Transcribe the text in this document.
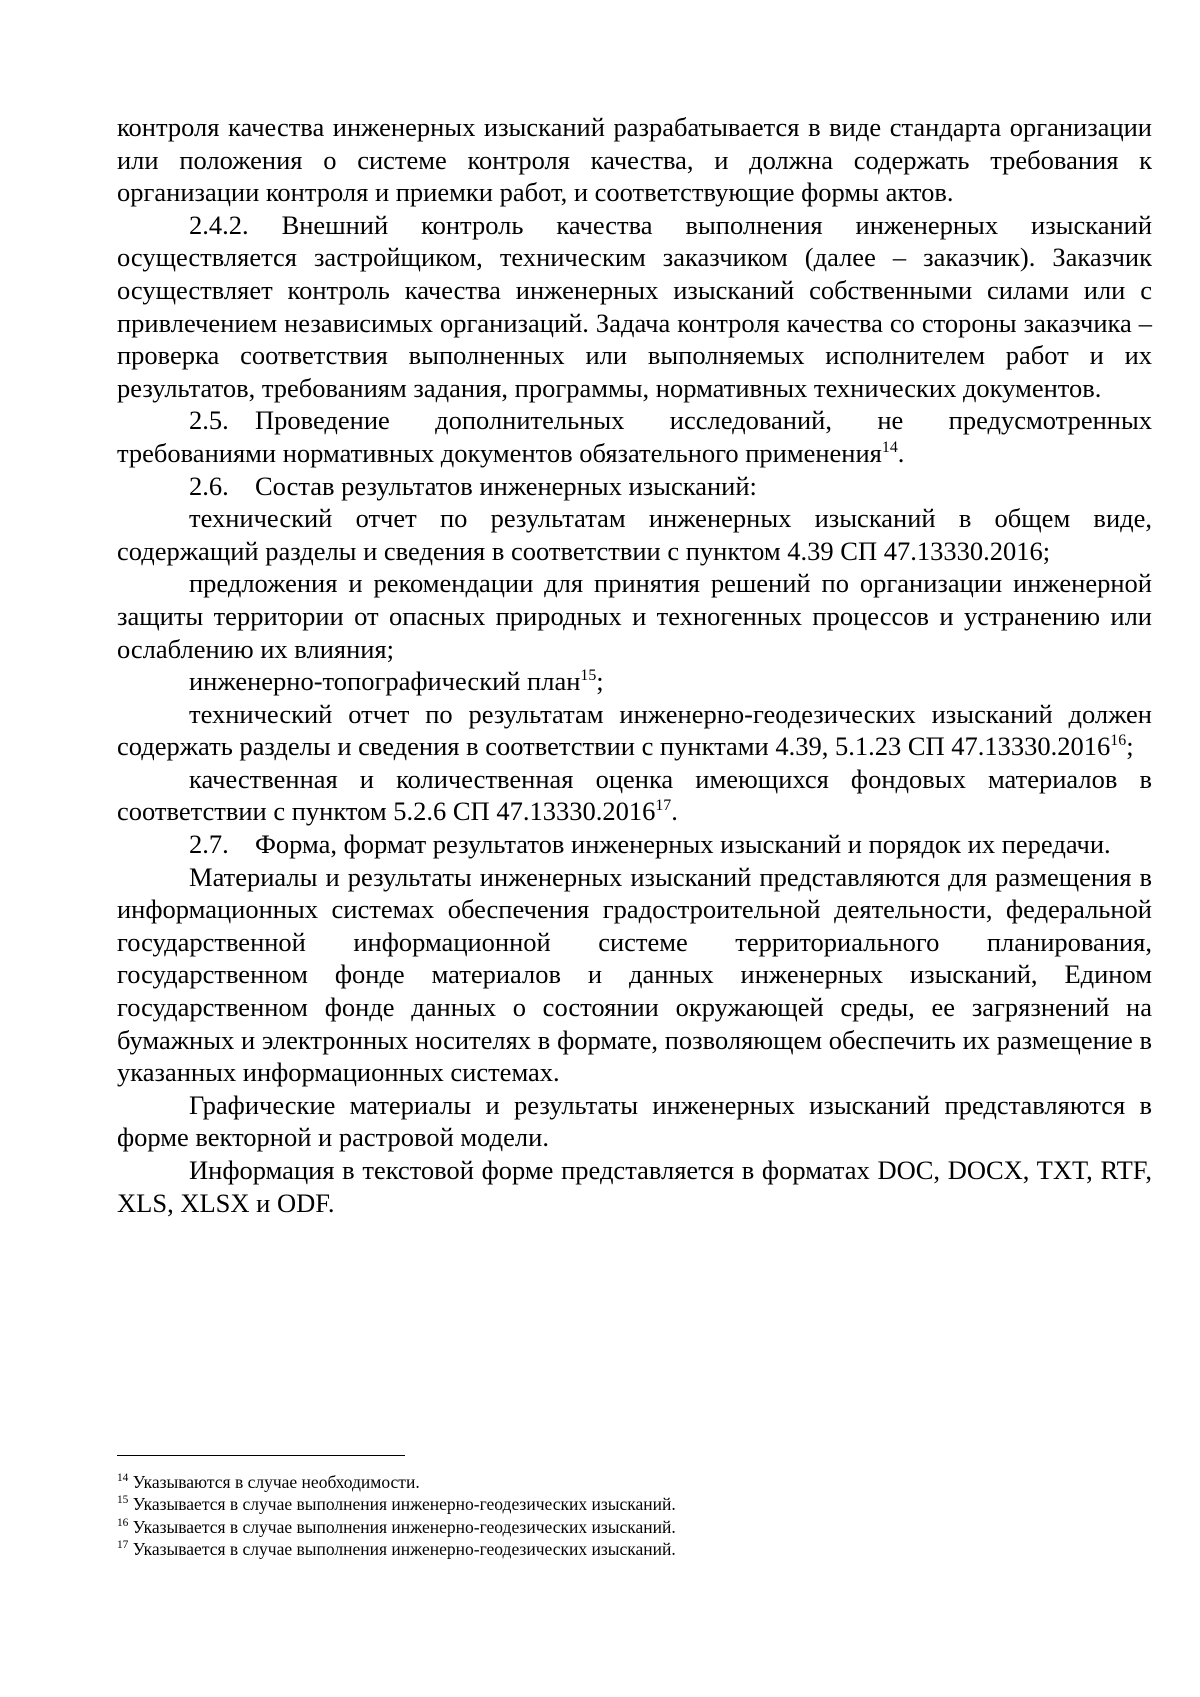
контроля качества инженерных изысканий разрабатывается в виде стандарта организации или положения о системе контроля качества, и должна содержать требования к организации контроля и приемки работ, и соответствующие формы актов.

2.4.2. Внешний контроль качества выполнения инженерных изысканий осуществляется застройщиком, техническим заказчиком (далее – заказчик). Заказчик осуществляет контроль качества инженерных изысканий собственными силами или с привлечением независимых организаций. Задача контроля качества со стороны заказчика – проверка соответствия выполненных или выполняемых исполнителем работ и их результатов, требованиям задания, программы, нормативных технических документов.

2.5. Проведение дополнительных исследований, не предусмотренных требованиями нормативных документов обязательного применения$^{14}$.

2.6. Состав результатов инженерных изысканий:

технический отчет по результатам инженерных изысканий в общем виде, содержащий разделы и сведения в соответствии с пунктом 4.39 СП 47.13330.2016;

предложения и рекомендации для принятия решений по организации инженерной защиты территории от опасных природных и техногенных процессов и устранению или ослаблению их влияния;

инженерно-топографический план$^{15}$;

технический отчет по результатам инженерно-геодезических изысканий должен содержать разделы и сведения в соответствии с пунктами 4.39, 5.1.23 СП 47.13330.2016$^{16}$;

качественная и количественная оценка имеющихся фондовых материалов в соответствии с пунктом 5.2.6 СП 47.13330.2016$^{17}$.

2.7. Форма, формат результатов инженерных изысканий и порядок их передачи.

Материалы и результаты инженерных изысканий представляются для размещения в информационных системах обеспечения градостроительной деятельности, федеральной государственной информационной системе территориального планирования, государственном фонде материалов и данных инженерных изысканий, Едином государственном фонде данных о состоянии окружающей среды, ее загрязнений на бумажных и электронных носителях в формате, позволяющем обеспечить их размещение в указанных информационных системах.

Графические материалы и результаты инженерных изысканий представляются в форме векторной и растровой модели.

Информация в текстовой форме представляется в форматах DOC, DOCX, TXT, RTF, XLS, XLSX и ODF.

$^{14}$ Указываются в случае необходимости.

$^{15}$ Указывается в случае выполнения инженерно-геодезических изысканий.

$^{16}$ Указывается в случае выполнения инженерно-геодезических изысканий.

$^{17}$ Указывается в случае выполнения инженерно-геодезических изысканий.
